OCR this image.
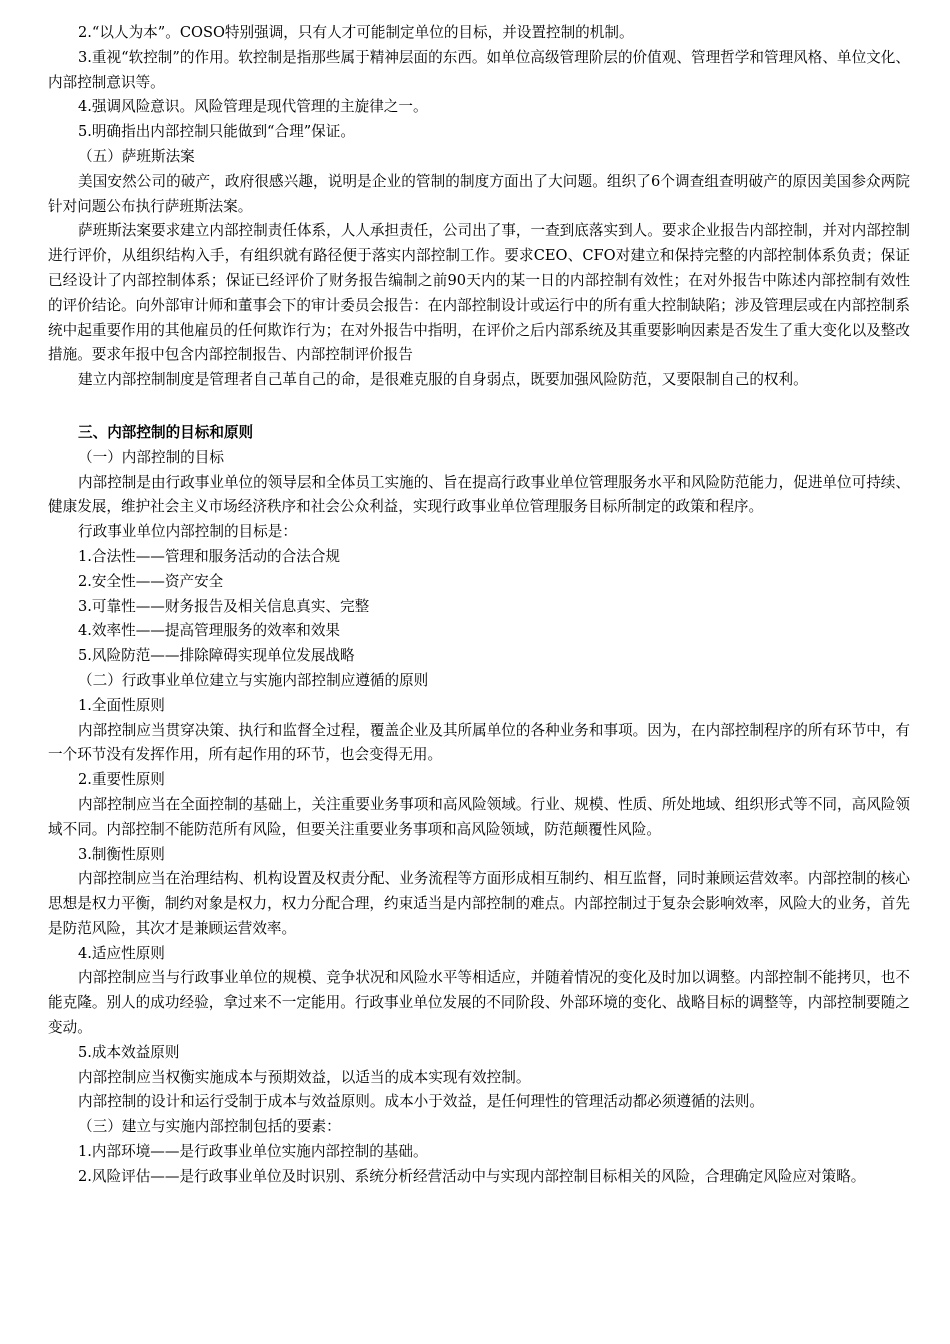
2.“以人为本”。COSO特别强调，只有人才可能制定单位的目标，并设置控制的机制。

3.重视“软控制”的作用。软控制是指那些属于精神层面的东西。如单位高级管理阶层的价值观、管理哲学和管理风格、单位文化、内部控制意识等。

4.强调风险意识。风险管理是现代管理的主旋律之一。

5.明确指出内部控制只能做到“合理”保证。

（五）萨班斯法案

美国安然公司的破产，政府很感兴趣，说明是企业的管制的制度方面出了大问题。组织了6个调查组查明破产的原因美国参众两院针对问题公布执行萨班斯法案。

萨班斯法案要求建立内部控制责任体系，人人承担责任，公司出了事，一查到底落实到人。要求企业报告内部控制，并对内部控制进行评价，从组织结构入手，有组织就有路径便于落实内部控制工作。要求CEO、CFO对建立和保持完整的内部控制体系负责；保证已经设计了内部控制体系；保证已经评价了财务报告编制之前90天内的某一日的内部控制有效性；在对外报告中陈述内部控制有效性的评价结论。向外部审计师和董事会下的审计委员会报告：在内部控制设计或运行中的所有重大控制缺陷；涉及管理层或在内部控制系统中起重要作用的其他雇员的任何欺诈行为；在对外报告中指明，在评价之后内部系统及其重要影响因素是否发生了重大变化以及整改措施。要求年报中包含内部控制报告、内部控制评价报告

建立内部控制制度是管理者自己革自己的命，是很难克服的自身弱点，既要加强风险防范，又要限制自己的权利。

三、内部控制的目标和原则

（一）内部控制的目标

内部控制是由行政事业单位的领导层和全体员工实施的、旨在提高行政事业单位管理服务水平和风险防范能力，促进单位可持续、健康发展，维护社会主义市场经济秩序和社会公众利益，实现行政事业单位管理服务目标所制定的政策和程序。

行政事业单位内部控制的目标是：

1.合法性——管理和服务活动的合法合规

2.安全性——资产安全

3.可靠性——财务报告及相关信息真实、完整

4.效率性——提高管理服务的效率和效果

5.风险防范——排除障碍实现单位发展战略

（二）行政事业单位建立与实施内部控制应遵循的原则

1.全面性原则

内部控制应当贯穿决策、执行和监督全过程，覆盖企业及其所属单位的各种业务和事项。因为，在内部控制程序的所有环节中，有一个环节没有发挥作用，所有起作用的环节，也会变得无用。

2.重要性原则

内部控制应当在全面控制的基础上，关注重要业务事项和高风险领域。行业、规模、性质、所处地域、组织形式等不同，高风险领域不同。内部控制不能防范所有风险，但要关注重要业务事项和高风险领域，防范颠覆性风险。

3.制衡性原则

内部控制应当在治理结构、机构设置及权责分配、业务流程等方面形成相互制约、相互监督，同时兼顾运营效率。内部控制的核心思想是权力平衡，制约对象是权力，权力分配合理，约束适当是内部控制的难点。内部控制过于复杂会影响效率，风险大的业务，首先是防范风险，其次才是兼顾运营效率。

4.适应性原则

内部控制应当与行政事业单位的规模、竞争状况和风险水平等相适应，并随着情况的变化及时加以调整。内部控制不能拷贝，也不能克隆。别人的成功经验，拿过来不一定能用。行政事业单位发展的不同阶段、外部环境的变化、战略目标的调整等，内部控制要随之变动。

5.成本效益原则

内部控制应当权衡实施成本与预期效益，以适当的成本实现有效控制。

内部控制的设计和运行受制于成本与效益原则。成本小于效益，是任何理性的管理活动都必须遵循的法则。

（三）建立与实施内部控制包括的要素：

1.内部环境——是行政事业单位实施内部控制的基础。

2.风险评估——是行政事业单位及时识别、系统分析经营活动中与实现内部控制目标相关的风险，合理确定风险应对策略。
